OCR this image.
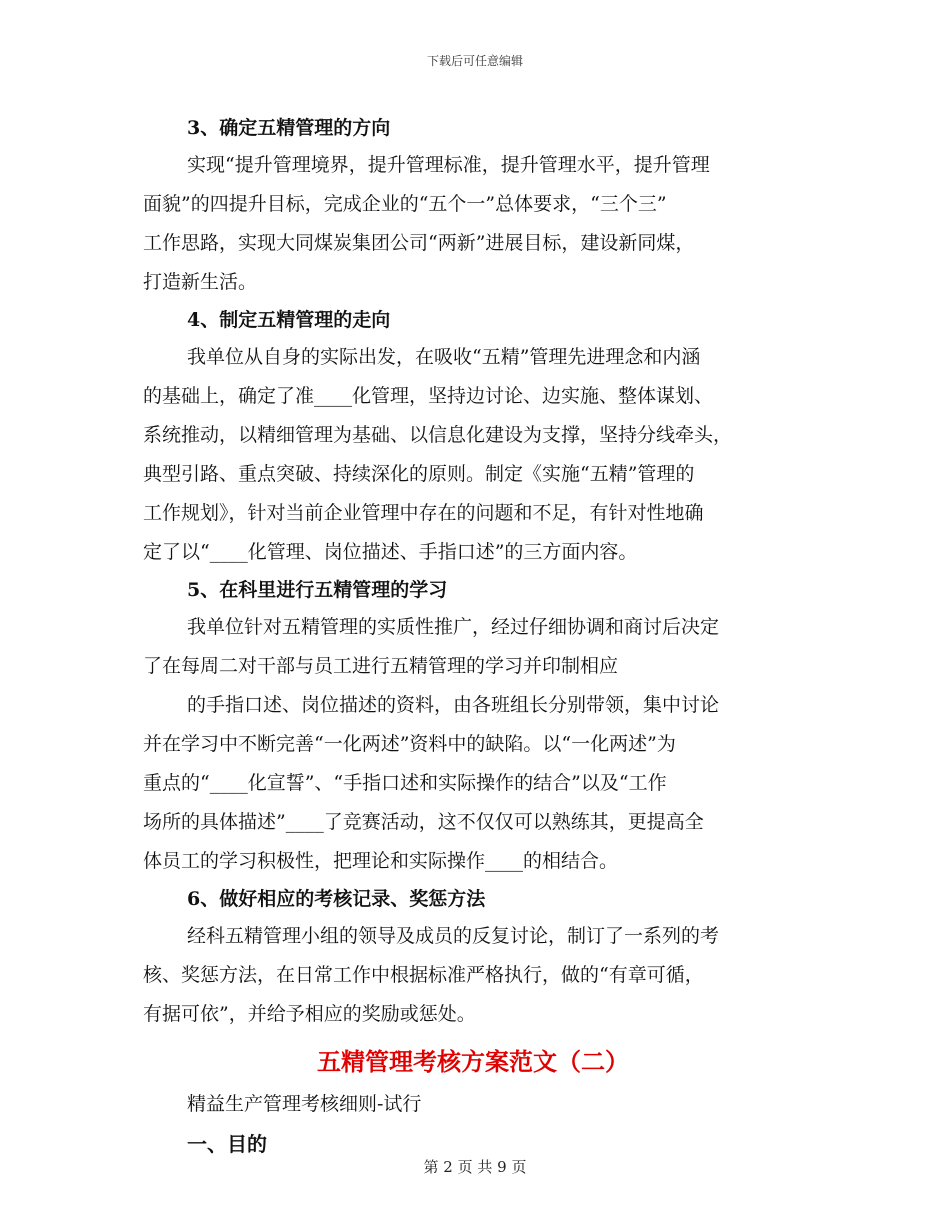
下载后可任意编辑
3、确定五精管理的方向

实现“提升管理境界，提升管理标准，提升管理水平，提升管理
面貌”的四提升目标，完成企业的“五个一”总体要求，“三个三”
工作思路，实现大同煤炭集团公司“两新”进展目标，建设新同煤，
打造新生活。

4、制定五精管理的走向

我单位从自身的实际出发，在吸收“五精”管理先进理念和内涵
的基础上，确定了准____化管理，坚持边讨论、边实施、整体谋划、
系统推动，以精细管理为基础、以信息化建设为支撑，坚持分线牵头，
典型引路、重点突破、持续深化的原则。制定《实施“五精”管理的
工作规划》，针对当前企业管理中存在的问题和不足，有针对性地确
定了以“____化管理、岗位描述、手指口述”的三方面内容。

5、在科里进行五精管理的学习

我单位针对五精管理的实质性推广，经过仔细协调和商讨后决定
了在每周二对干部与员工进行五精管理的学习并印制相应

的手指口述、岗位描述的资料，由各班组长分别带领，集中讨论
并在学习中不断完善“一化两述”资料中的缺陷。以“一化两述”为
重点的“____化宣誓”、“手指口述和实际操作的结合”以及“工作
场所的具体描述”____了竞赛活动，这不仅仅可以熟练其，更提高全
体员工的学习积极性，把理论和实际操作____的相结合。

6、做好相应的考核记录、奖惩方法

经科五精管理小组的领导及成员的反复讨论，制订了一系列的考
核、奖惩方法，在日常工作中根据标准严格执行，做的“有章可循，
有据可依”，并给予相应的奖励或惩处。

五精管理考核方案范文（二）

精益生产管理考核细则-试行

一、目的
第 2 页 共 9 页
